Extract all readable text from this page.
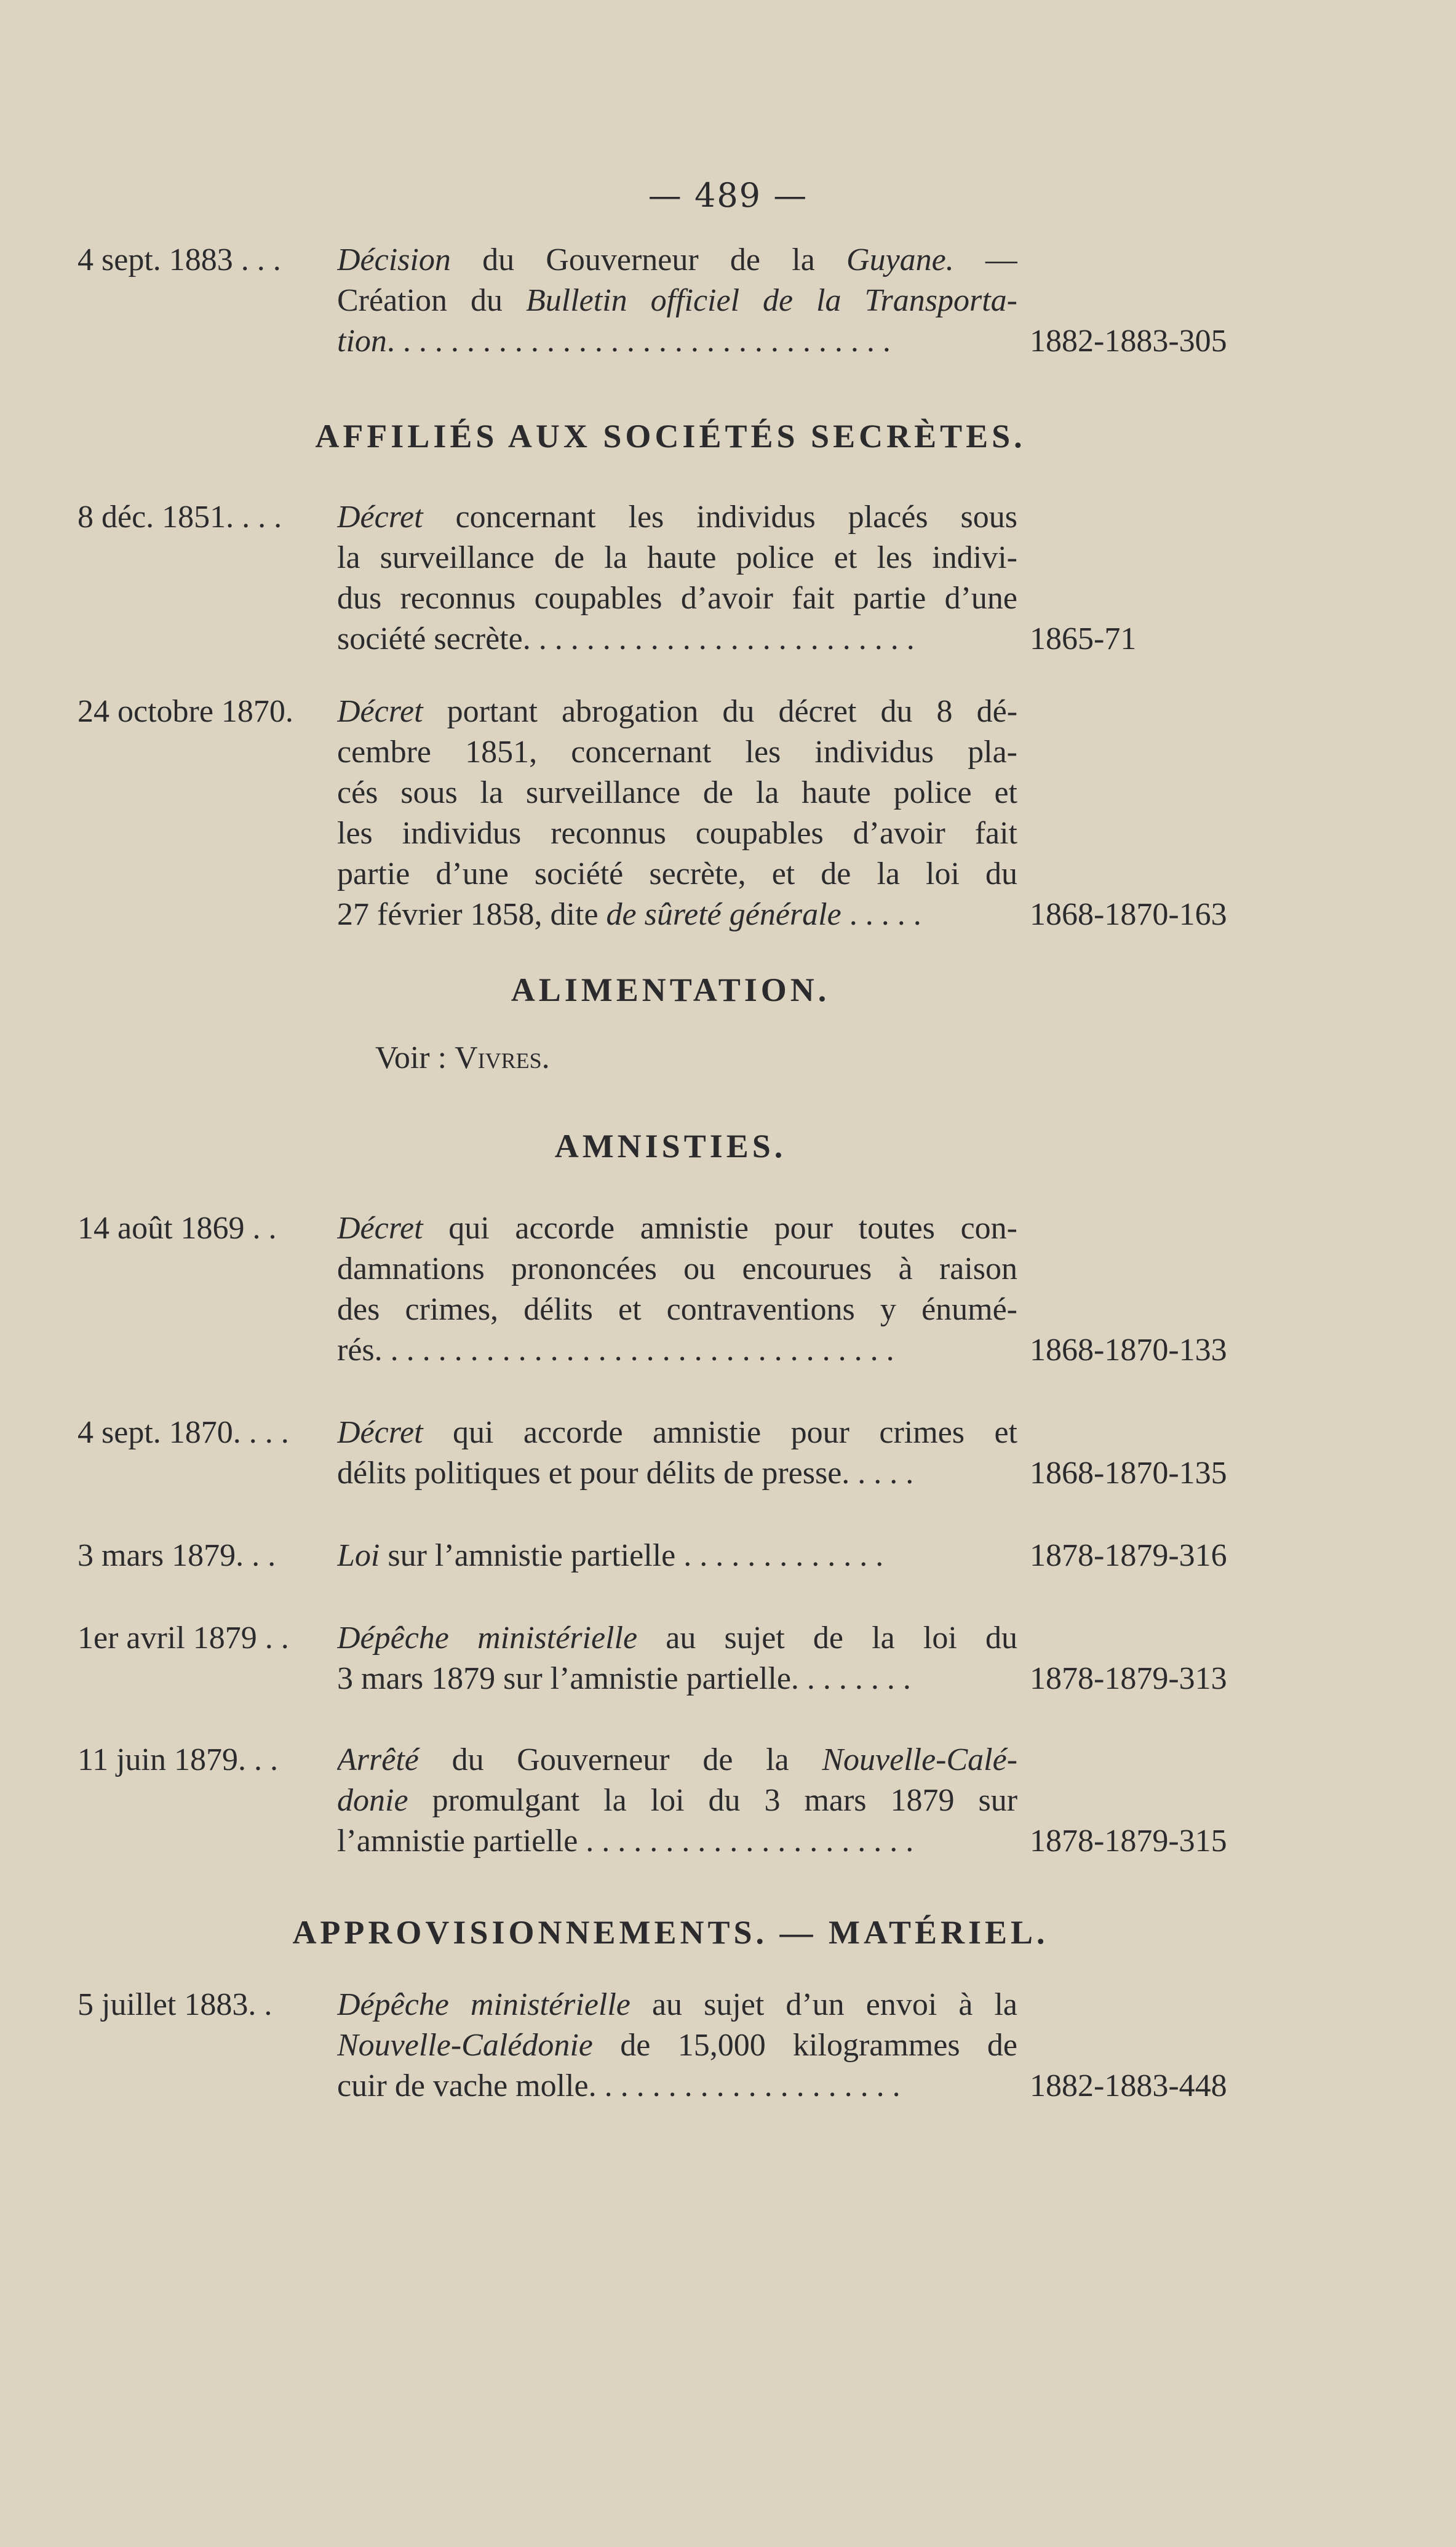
— 489 —
4 sept. 1883 . . .	Décision du Gouverneur de la Guyane. —
Création du Bulletin officiel de la Transporta-
tion. . . . . . . . . . . . . . . . . . . . . . . . . . . . . . . .	1882-1883-305
AFFILIÉS AUX SOCIÉTÉS SECRÈTES.
8 déc. 1851. . . .	Décret concernant les individus placés sous
la surveillance de la haute police et les indivi-
dus reconnus coupables d’avoir fait partie d’une
société secrète. . . . . . . . . . . . . . . . . . . . . . . . .	1865-71
24 octobre 1870.	Décret portant abrogation du décret du 8 dé-
cembre 1851, concernant les individus pla-
cés sous la surveillance de la haute police et
les individus reconnus coupables d’avoir fait
partie d’une société secrète, et de la loi du
27 février 1858, dite de sûreté générale . . . . .	1868-1870-163
ALIMENTATION.
Voir : Vivres.
AMNISTIES.
14 août 1869 . .	Décret qui accorde amnistie pour toutes con-
damnations prononcées ou encourues à raison
des crimes, délits et contraventions y énumé-
rés. . . . . . . . . . . . . . . . . . . . . . . . . . . . . . . . .	1868-1870-133
4 sept. 1870. . . .	Décret qui accorde amnistie pour crimes et
délits politiques et pour délits de presse. . . . .	1868-1870-135
3 mars 1879. . .	Loi sur l’amnistie partielle . . . . . . . . . . . . .	1878-1879-316
1er avril 1879 . .	Dépêche ministérielle au sujet de la loi du
3 mars 1879 sur l’amnistie partielle. . . . . . . .	1878-1879-313
11 juin 1879. . .	Arrêté du Gouverneur de la Nouvelle-Calé-
donie promulgant la loi du 3 mars 1879 sur
l’amnistie partielle . . . . . . . . . . . . . . . . . . . . .	1878-1879-315
APPROVISIONNEMENTS. — MATÉRIEL.
5 juillet 1883. .	Dépêche ministérielle au sujet d’un envoi à la
Nouvelle-Calédonie de 15,000 kilogrammes de
cuir de vache molle. . . . . . . . . . . . . . . . . . . .	1882-1883-448
